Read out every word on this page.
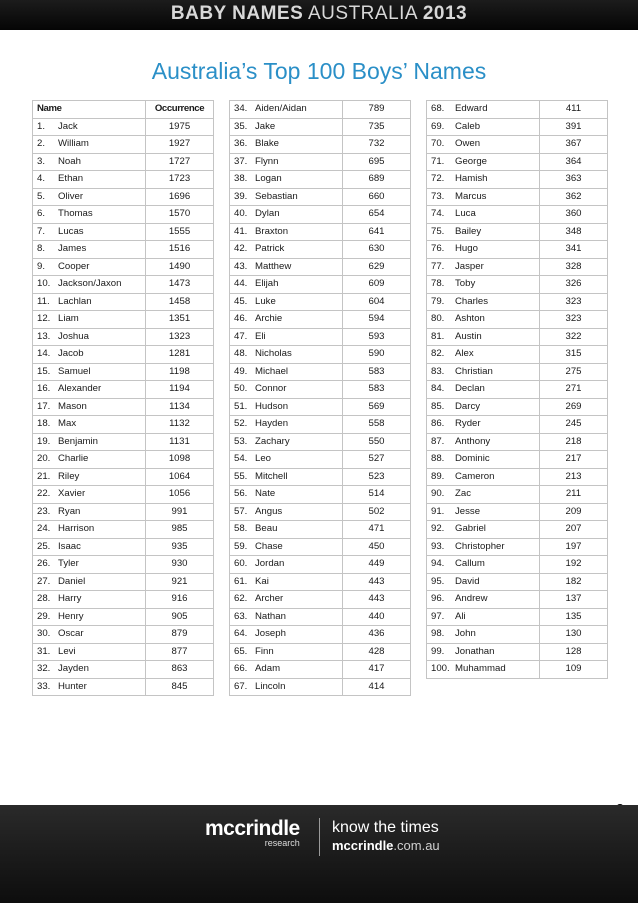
BABY NAMES AUSTRALIA 2013
Australia’s Top 100 Boys’ Names
Name	Occurrence
1. Jack	1975
2. William	1927
3. Noah	1727
4. Ethan	1723
5. Oliver	1696
6. Thomas	1570
7. Lucas	1555
8. James	1516
9. Cooper	1490
10. Jackson/Jaxon	1473
11. Lachlan	1458
12. Liam	1351
13. Joshua	1323
14. Jacob	1281
15. Samuel	1198
16. Alexander	1194
17. Mason	1134
18. Max	1132
19. Benjamin	1131
20. Charlie	1098
21. Riley	1064
22. Xavier	1056
23. Ryan	991
24. Harrison	985
25. Isaac	935
26. Tyler	930
27. Daniel	921
28. Harry	916
29. Henry	905
30. Oscar	879
31. Levi	877
32. Jayden	863
33. Hunter	845
34. Aiden/Aidan	789
35. Jake	735
36. Blake	732
37. Flynn	695
38. Logan	689
39. Sebastian	660
40. Dylan	654
41. Braxton	641
42. Patrick	630
43. Matthew	629
44. Elijah	609
45. Luke	604
46. Archie	594
47. Eli	593
48. Nicholas	590
49. Michael	583
50. Connor	583
51. Hudson	569
52. Hayden	558
53. Zachary	550
54. Leo	527
55. Mitchell	523
56. Nate	514
57. Angus	502
58. Beau	471
59. Chase	450
60. Jordan	449
61. Kai	443
62. Archer	443
63. Nathan	440
64. Joseph	436
65. Finn	428
66. Adam	417
67. Lincoln	414
68. Edward	411
69. Caleb	391
70. Owen	367
71. George	364
72. Hamish	363
73. Marcus	362
74. Luca	360
75. Bailey	348
76. Hugo	341
77. Jasper	328
78. Toby	326
79. Charles	323
80. Ashton	323
81. Austin	322
82. Alex	315
83. Christian	275
84. Declan	271
85. Darcy	269
86. Ryder	245
87. Anthony	218
88. Dominic	217
89. Cameron	213
90. Zac	211
91. Jesse	209
92. Gabriel	207
93. Christopher	197
94. Callum	192
95. David	182
96. Andrew	137
97. Ali	135
98. John	130
99. Jonathan	128
100. Muhammad	109
mccrindle
research
know the times
mccrindle.com.au
